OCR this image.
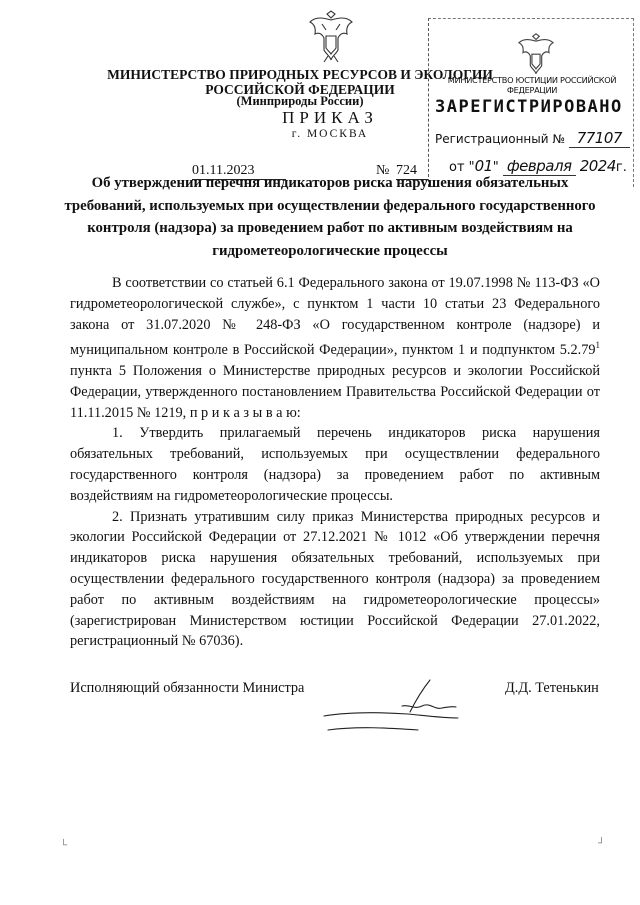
МИНИСТЕРСТВО ПРИРОДНЫХ РЕСУРСОВ И ЭКОЛОГИИ
РОССИЙСКОЙ ФЕДЕРАЦИИ
(Минприроды России)
ПРИКАЗ
г. МОСКВА
01.11.2023	№ 724
МИНИСТЕРСТВО ЮСТИЦИИ РОССИЙСКОЙ ФЕДЕРАЦИИ
ЗАРЕГИСТРИРОВАНО
Регистрационный № 77107
от "01" февраля 2024г.
Об утверждении перечня индикаторов риска нарушения обязательных требований, используемых при осуществлении федерального государственного контроля (надзора) за проведением работ по активным воздействиям на гидрометеорологические процессы

В соответствии со статьей 6.1 Федерального закона от 19.07.1998 № 113-ФЗ «О гидрометеорологической службе», с пунктом 1 части 10 статьи 23 Федерального закона от 31.07.2020 № 248-ФЗ «О государственном контроле (надзоре) и муниципальном контроле в Российской Федерации», пунктом 1 и подпунктом 5.2.79$^1$ пункта 5 Положения о Министерстве природных ресурсов и экологии Российской Федерации, утвержденного постановлением Правительства Российской Федерации от 11.11.2015 № 1219, п р и к а з ы в а ю:

1. Утвердить прилагаемый перечень индикаторов риска нарушения обязательных требований, используемых при осуществлении федерального государственного контроля (надзора) за проведением работ по активным воздействиям на гидрометеорологические процессы.

2. Признать утратившим силу приказ Министерства природных ресурсов и экологии Российской Федерации от 27.12.2021 № 1012 «Об утверждении перечня индикаторов риска нарушения обязательных требований, используемых при осуществлении федерального государственного контроля (надзора) за проведением работ по активным воздействиям на гидрометеорологические процессы» (зарегистрирован Министерством юстиции Российской Федерации 27.01.2022, регистрационный № 67036).

Исполняющий обязанности Министра	Д.Д. Тетенькин
└	┘
